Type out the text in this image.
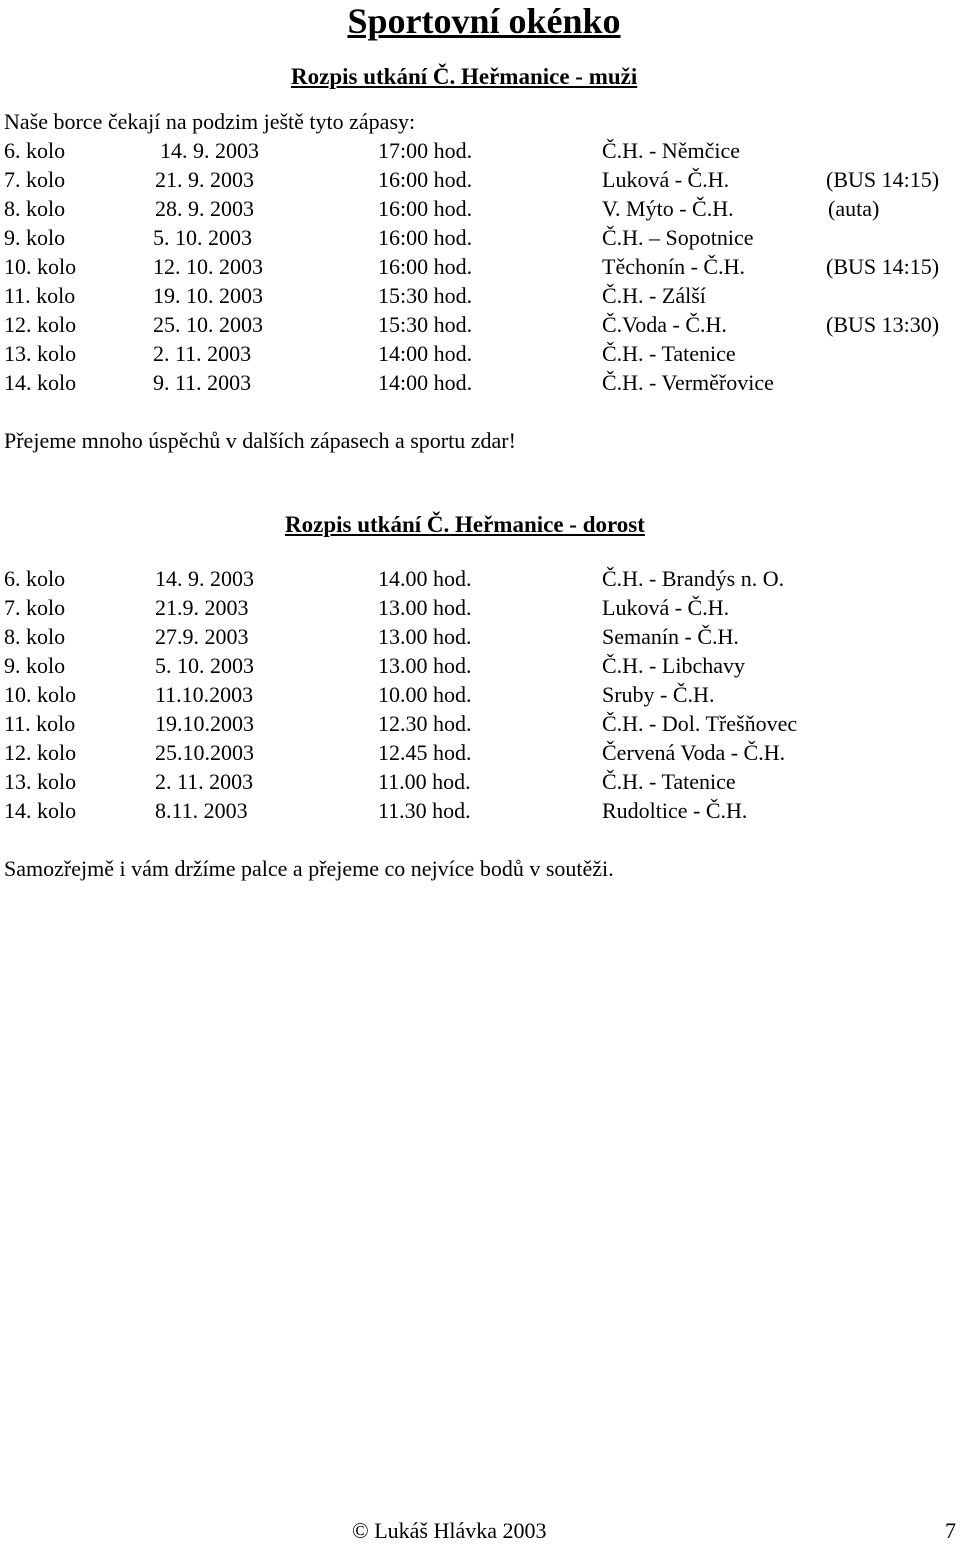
Sportovní okénko
Rozpis utkání Č. Heřmanice - muži
Naše borce čekají na podzim ještě tyto zápasy:
6. kolo	14. 9. 2003	17:00 hod.	Č.H. - Němčice
7. kolo	21. 9. 2003	16:00 hod.	Luková - Č.H.	(BUS 14:15)
8. kolo	28. 9. 2003	16:00 hod.	V. Mýto - Č.H.	(auta)
9. kolo	5. 10. 2003	16:00 hod.	Č.H. – Sopotnice
10. kolo	12. 10. 2003	16:00 hod.	Těchonín - Č.H.	(BUS 14:15)
11. kolo	19. 10. 2003	15:30 hod.	Č.H. - Zálší
12. kolo	25. 10. 2003	15:30 hod.	Č.Voda - Č.H.	(BUS 13:30)
13. kolo	2. 11. 2003	14:00 hod.	Č.H. - Tatenice
14. kolo	9. 11. 2003	14:00 hod.	Č.H. - Verměřovice
Přejeme mnoho úspěchů v dalších zápasech a sportu zdar!
Rozpis utkání Č. Heřmanice - dorost
6. kolo	14. 9. 2003	14.00 hod.	Č.H. - Brandýs n. O.
7. kolo	21.9. 2003	13.00 hod.	Luková - Č.H.
8. kolo	27.9. 2003	13.00 hod.	Semanín - Č.H.
9. kolo	5. 10. 2003	13.00 hod.	Č.H. - Libchavy
10. kolo	11.10.2003	10.00 hod.	Sruby - Č.H.
11. kolo	19.10.2003	12.30 hod.	Č.H. - Dol. Třešňovec
12. kolo	25.10.2003	12.45 hod.	Červená Voda - Č.H.
13. kolo	2. 11. 2003	11.00 hod.	Č.H. - Tatenice
14. kolo	8.11. 2003	11.30 hod.	Rudoltice - Č.H.
Samozřejmě i vám držíme palce a přejeme co nejvíce bodů v soutěži.
© Lukáš Hlávka 2003	7
